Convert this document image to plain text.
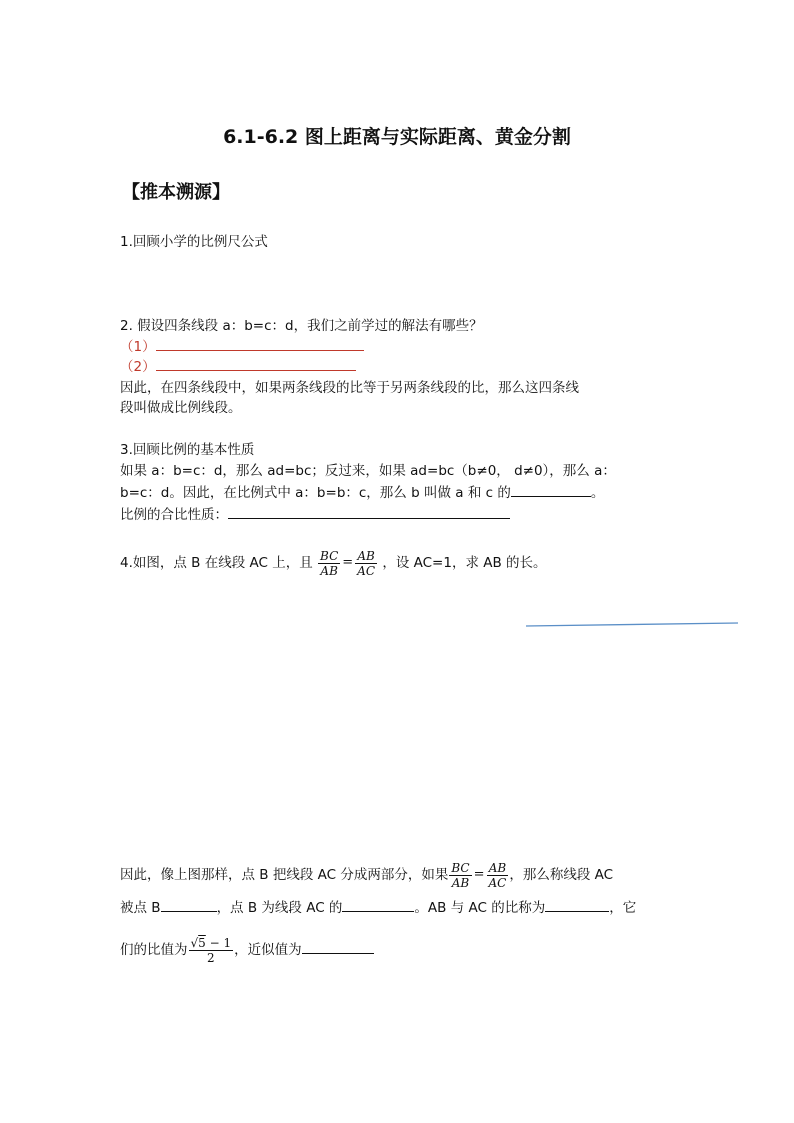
6.1-6.2 图上距离与实际距离、黄金分割
【推本溯源】
1.回顾小学的比例尺公式
2. 假设四条线段 a：b=c：d，我们之前学过的解法有哪些？
（1）
（2）
因此，在四条线段中，如果两条线段的比等于另两条线段的比，那么这四条线
段叫做成比例线段。
3.回顾比例的基本性质
如果 a：b=c：d，那么 ad=bc；反过来，如果 ad=bc（b≠0， d≠0），那么 a：
b=c：d。因此，在比例式中 a：b=b：c，那么 b 叫做 a 和 c 的	。
比例的合比性质：
4.如图，点 B 在线段 AC 上，且 $\frac{BC}{AB} = \frac{AB}{AC}$ ，设 AC=1，求 AB 的长。
因此，像上图那样，点 B 把线段 AC 分成两部分，如果 $\frac{BC}{AB} = \frac{AB}{AC}$ ，那么称线段 AC
被点 B	，点 B 为线段 AC 的	。AB 与 AC 的比称为	，它
们的比值为 $\frac{√5 - 1}{2}$ ，近似值为
